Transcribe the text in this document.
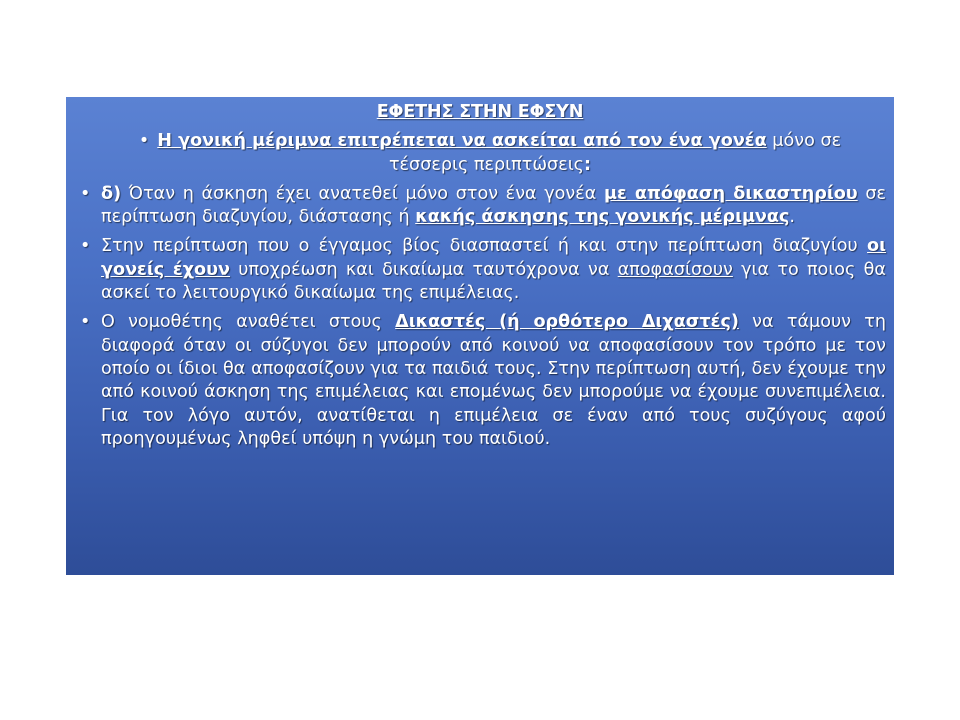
ΕΦΕΤΗΣ ΣΤΗΝ ΕΦΣΥΝ
• Η γονική μέριμνα επιτρέπεται να ασκείται από τον ένα γονέα μόνο σε τέσσερις περιπτώσεις:
• δ) Όταν η άσκηση έχει ανατεθεί μόνο στον ένα γονέα με απόφαση δικαστηρίου σε περίπτωση διαζυγίου, διάστασης ή κακής άσκησης της γονικής μέριμνας.
• Στην περίπτωση που ο έγγαμος βίος διασπαστεί ή και στην περίπτωση διαζυγίου οι γονείς έχουν υποχρέωση και δικαίωμα ταυτόχρονα να αποφασίσουν για το ποιος θα ασκεί το λειτουργικό δικαίωμα της επιμέλειας.
• Ο νομοθέτης αναθέτει στους Δικαστές (ή ορθότερο Διχαστές) να τάμουν τη διαφορά όταν οι σύζυγοι δεν μπορούν από κοινού να αποφασίσουν τον τρόπο με τον οποίο οι ίδιοι θα αποφασίζουν για τα παιδιά τους. Στην περίπτωση αυτή, δεν έχουμε την από κοινού άσκηση της επιμέλειας και επομένως δεν μπορούμε να έχουμε συνεπιμέλεια. Για τον λόγο αυτόν, ανατίθεται η επιμέλεια σε έναν από τους συζύγους αφού προηγουμένως ληφθεί υπόψη η γνώμη του παιδιού.
